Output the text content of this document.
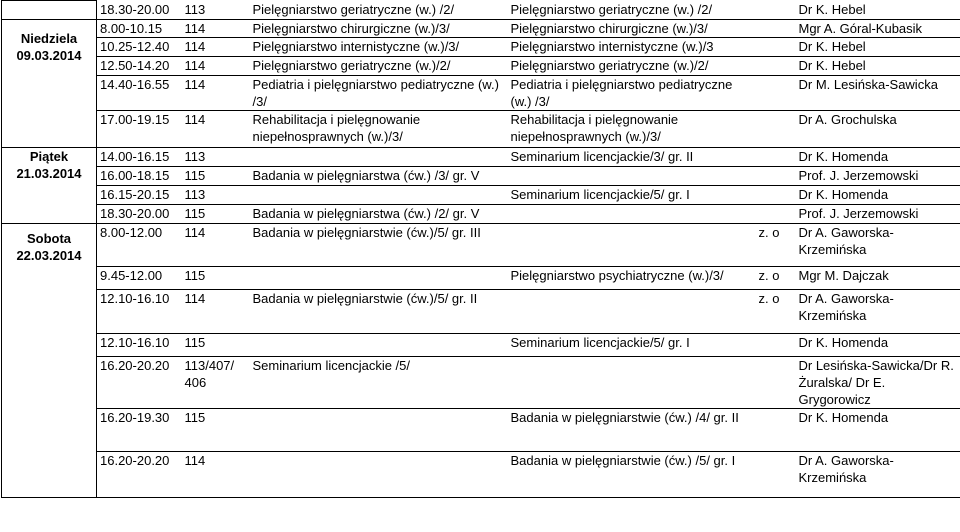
	18.30-20.00	113	Pielęgniarstwo geriatryczne (w.) /2/	Pielęgniarstwo geriatryczne (w.) /2/		Dr K. Hebel

Niedziela
09.03.2014	8.00-10.15	114	Pielęgniarstwo chirurgiczne (w.)/3/	Pielęgniarstwo chirurgiczne (w.)/3/		Mgr A. Góral-Kubasik
	10.25-12.40	114	Pielęgniarstwo internistyczne (w.)/3/	Pielęgniarstwo internistyczne (w.)/3		Dr K. Hebel
	12.50-14.20	114	Pielęgniarstwo geriatryczne (w.)/2/	Pielęgniarstwo geriatryczne (w.)/2/		Dr K. Hebel
	14.40-16.55	114	Pediatria i pielęgniarstwo pediatryczne (w.) /3/	Pediatria i pielęgniarstwo pediatryczne (w.) /3/		Dr M. Lesińska-Sawicka
	17.00-19.15	114	Rehabilitacja i pielęgnowanie niepełnosprawnych (w.)/3/	Rehabilitacja i pielęgnowanie niepełnosprawnych (w.)/3/		Dr A. Grochulska

Piątek
21.03.2014	14.00-16.15	113		Seminarium licencjackie/3/ gr. II		Dr K. Homenda
	16.00-18.15	115	Badania w pielęgniarstwa (ćw.) /3/ gr. V			Prof. J. Jerzemowski
	16.15-20.15	113		Seminarium licencjackie/5/ gr. I		Dr K. Homenda
	18.30-20.00	115	Badania w pielęgniarstwa (ćw.) /2/ gr. V			Prof. J. Jerzemowski

Sobota
22.03.2014	8.00-12.00	114	Badania w pielęgniarstwie (ćw.)/5/ gr. III		z. o	Dr A. Gaworska-Krzemińska
	9.45-12.00	115		Pielęgniarstwo psychiatryczne (w.)/3/	z. o	Mgr M. Dajczak
	12.10-16.10	114	Badania w pielęgniarstwie (ćw.)/5/ gr. II		z. o	Dr A. Gaworska-Krzemińska
	12.10-16.10	115		Seminarium licencjackie/5/ gr. I		Dr K. Homenda
	16.20-20.20	113/407/ 406	Seminarium licencjackie /5/			Dr Lesińska-Sawicka/Dr R. Żuralska/ Dr E. Grygorowicz
	16.20-19.30	115		Badania w pielęgniarstwie (ćw.) /4/ gr. II		Dr K. Homenda
	16.20-20.20	114		Badania w pielęgniarstwie (ćw.) /5/ gr. I		Dr A. Gaworska-Krzemińska
